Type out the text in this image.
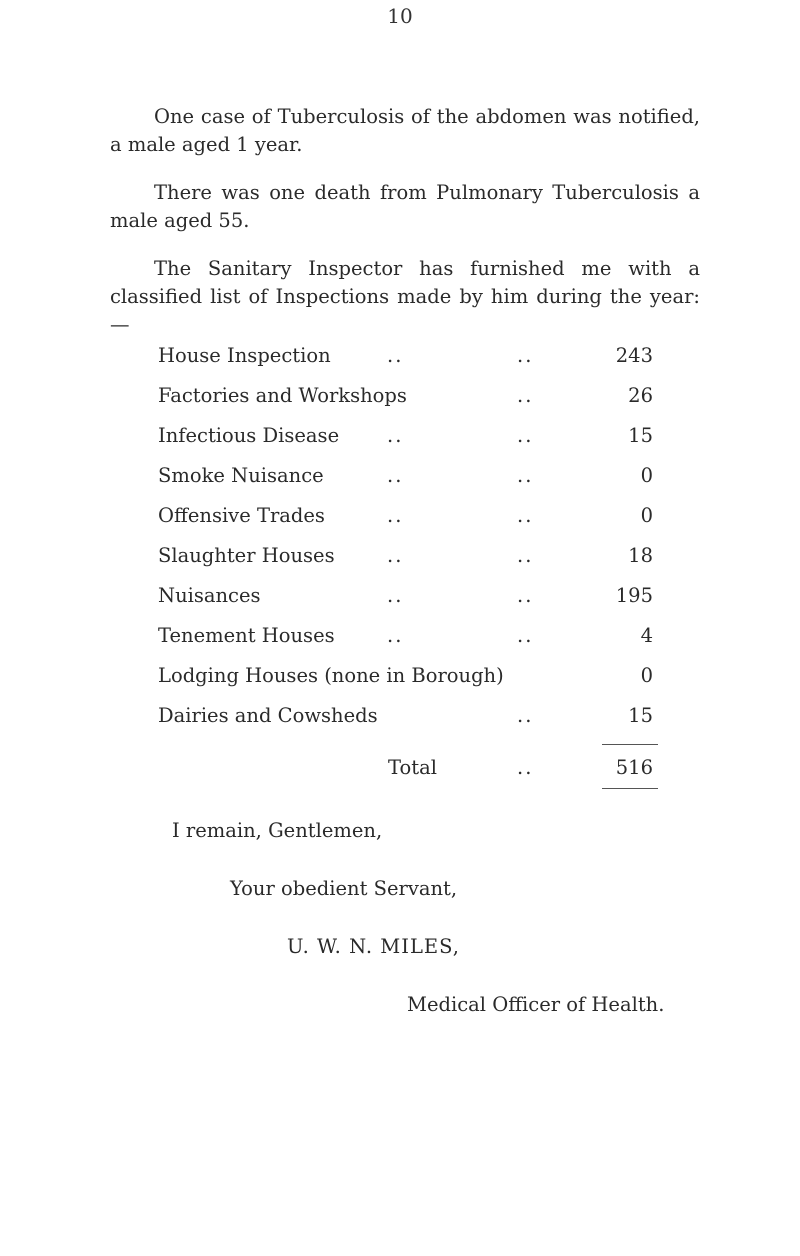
10

One case of Tuberculosis of the abdomen was notified, a male aged 1 year.

There was one death from Pulmonary Tuberculosis a male aged 55.

The Sanitary Inspector has furnished me with a classified list of Inspections made by him during the year:—

House Inspection	..	..	243
Factories and Workshops	..	26
Infectious Disease ..	..	15
Smoke Nuisance	..	..	0
Offensive Trades	..	..	0
Slaughter Houses	..	..	18
Nuisances	..	..	195
Tenement Houses	..	..	4
Lodging Houses (none in Borough)	0
Dairies and Cowsheds	..	15
Total	..	516
I remain, Gentlemen,
Your obedient Servant,
U. W. N. MILES,
Medical Officer of Health.
